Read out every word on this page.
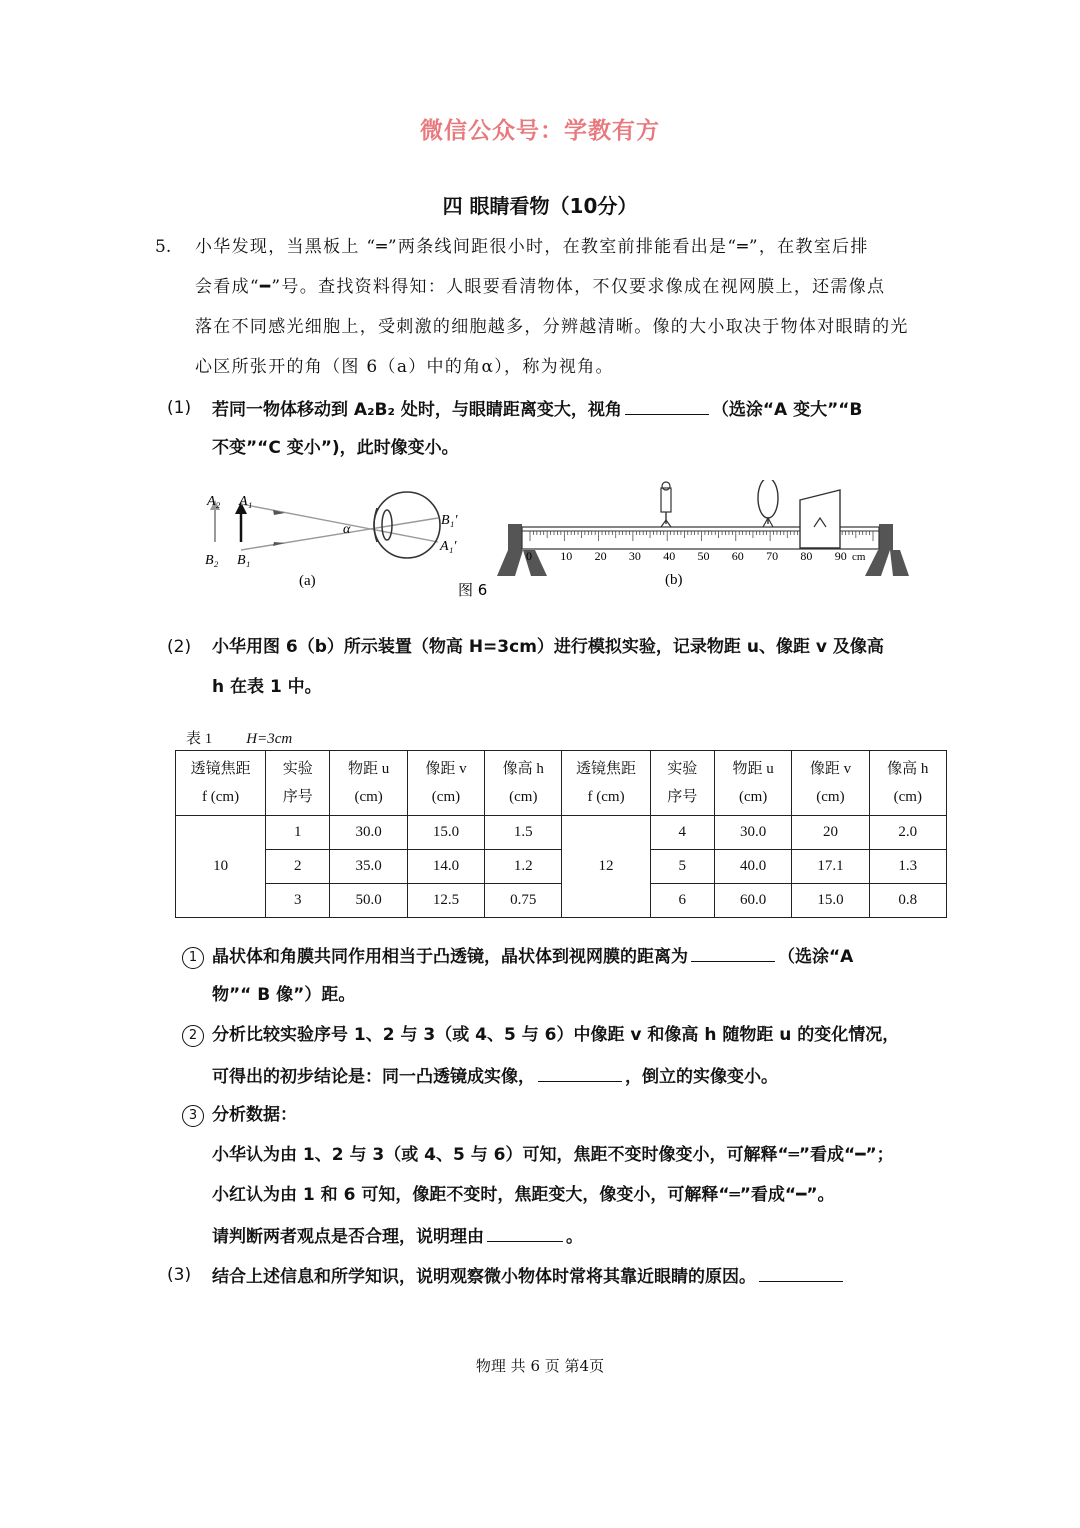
微信公众号：学教有方
四 眼睛看物（10分）
5. 小华发现，当黑板上 “═”两条线间距很小时，在教室前排能看出是“═”，在教室后排
会看成“━”号。查找资料得知：人眼要看清物体，不仅要求像成在视网膜上，还需像点
落在不同感光细胞上，受刺激的细胞越多，分辨越清晰。像的大小取决于物体对眼睛的光
心区所张开的角（图 6（a）中的角α），称为视角。
(1) 若同一物体移动到 A₂B₂ 处时，与眼睛距离变大，视角	（选涂“A 变大”“B
不变”“C 变小”)，此时像变小。
A₂ A₁
B₂ B₁
B₁′
A₁′
α
(a)	图 6
0 10 20 30 40 50 60 70 80 90 cm
(b)
(2) 小华用图 6（b）所示装置（物高 H=3cm）进行模拟实验，记录物距 u、像距 v 及像高
h 在表 1 中。
表 1 H=3cm
透镜焦距
f (cm)	实验
序号	物距 u
(cm)	像距 v
(cm)	像高 h
(cm)	透镜焦距
f (cm)	实验
序号	物距 u
(cm)	像距 v
(cm)	像高 h
(cm)
10	1	30.0	15.0	1.5	12	4	30.0	20	2.0
	2	35.0	14.0	1.2		5	40.0	17.1	1.3
	3	50.0	12.5	0.75		6	60.0	15.0	0.8
1 晶状体和角膜共同作用相当于凸透镜，晶状体到视网膜的距离为	（选涂“A
物”“ B 像”）距。
2 分析比较实验序号 1、2 与 3（或 4、5 与 6）中像距 v 和像高 h 随物距 u 的变化情况，
可得出的初步结论是：同一凸透镜成实像，	，倒立的实像变小。
3 分析数据：
小华认为由 1、2 与 3（或 4、5 与 6）可知，焦距不变时像变小，可解释“═”看成“━”；
小红认为由 1 和 6 可知，像距不变时，焦距变大，像变小，可解释“═”看成“━”。
请判断两者观点是否合理，说明理由	。
(3) 结合上述信息和所学知识，说明观察微小物体时常将其靠近眼睛的原因。
物理 共 6 页 第4页
